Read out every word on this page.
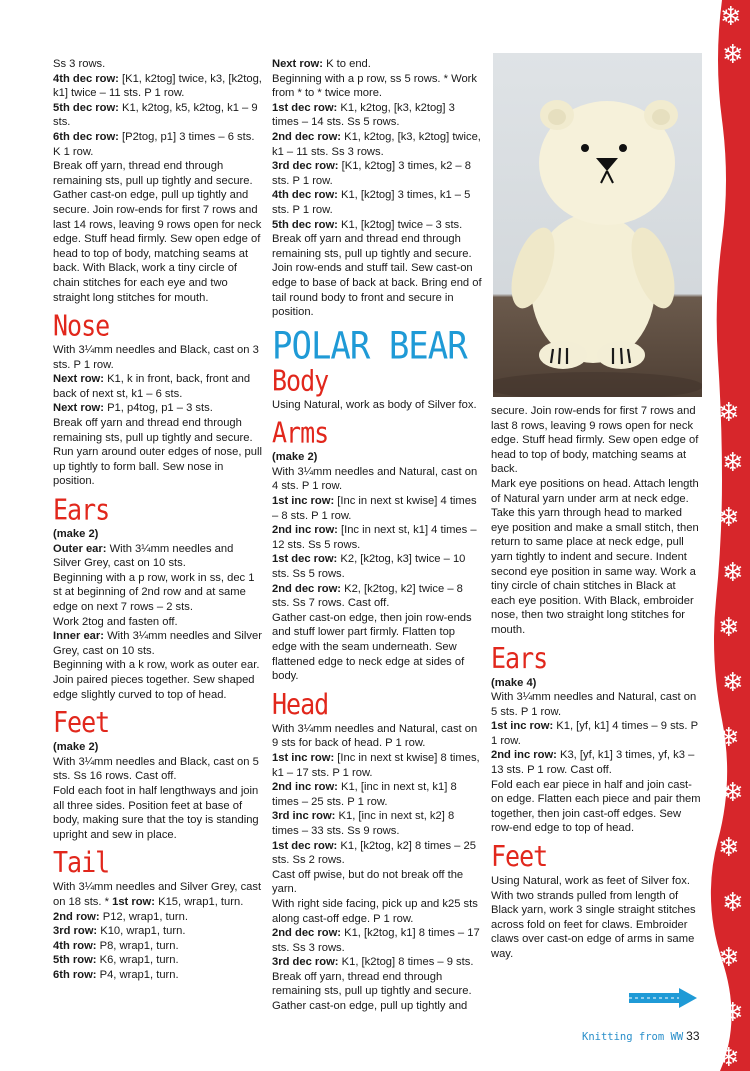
Ss 3 rows.

4th dec row: [K1, k2tog] twice, k3, [k2tog, k1] twice – 11 sts. P 1 row.

5th dec row: K1, k2tog, k5, k2tog, k1 – 9 sts.

6th dec row: [P2tog, p1] 3 times – 6 sts. K 1 row.

Break off yarn, thread end through remaining sts, pull up tightly and secure. Gather cast-on edge, pull up tightly and secure. Join row-ends for first 7 rows and last 14 rows, leaving 9 rows open for neck edge. Stuff head firmly. Sew open edge of head to top of body, matching seams at back. With Black, work a tiny circle of chain stitches for each eye and two straight long stitches for mouth.

Nose

With 3¼mm needles and Black, cast on 3 sts. P 1 row.

Next row: K1, k in front, back, front and back of next st, k1 – 6 sts.

Next row: P1, p4tog, p1 – 3 sts.

Break off yarn and thread end through remaining sts, pull up tightly and secure. Run yarn around outer edges of nose, pull up tightly to form ball. Sew nose in position.

Ears

(make 2)

Outer ear: With 3¼mm needles and Silver Grey, cast on 10 sts.

Beginning with a p row, work in ss, dec 1 st at beginning of 2nd row and at same edge on next 7 rows – 2 sts.

Work 2tog and fasten off.

Inner ear: With 3¼mm needles and Silver Grey, cast on 10 sts.

Beginning with a k row, work as outer ear.

Join paired pieces together. Sew shaped edge slightly curved to top of head.

Feet

(make 2)

With 3¼mm needles and Black, cast on 5 sts. Ss 16 rows. Cast off.

Fold each foot in half lengthways and join all three sides. Position feet at base of body, making sure that the toy is standing upright and sew in place.

Tail

With 3¼mm needles and Silver Grey, cast on 18 sts. * 1st row: K15, wrap1, turn.

2nd row: P12, wrap1, turn.

3rd row: K10, wrap1, turn.

4th row: P8, wrap1, turn.

5th row: K6, wrap1, turn.

6th row: P4, wrap1, turn.

Next row: K to end.

Beginning with a p row, ss 5 rows. * Work from * to * twice more.

1st dec row: K1, k2tog, [k3, k2tog] 3 times – 14 sts. Ss 5 rows.

2nd dec row: K1, k2tog, [k3, k2tog] twice, k1 – 11 sts. Ss 3 rows.

3rd dec row: [K1, k2tog] 3 times, k2 – 8 sts. P 1 row.

4th dec row: K1, [k2tog] 3 times, k1 – 5 sts. P 1 row.

5th dec row: K1, [k2tog] twice – 3 sts.

Break off yarn and thread end through remaining sts, pull up tightly and secure. Join row-ends and stuff tail. Sew cast-on edge to base of back at back. Bring end of tail round body to front and secure in position.

POLAR BEAR
Body

Using Natural, work as body of Silver fox.

Arms

(make 2)

With 3¼mm needles and Natural, cast on 4 sts. P 1 row.

1st inc row: [Inc in next st kwise] 4 times – 8 sts. P 1 row.

2nd inc row: [Inc in next st, k1] 4 times – 12 sts. Ss 5 rows.

1st dec row: K2, [k2tog, k3] twice – 10 sts. Ss 5 rows.

2nd dec row: K2, [k2tog, k2] twice – 8 sts. Ss 7 rows. Cast off.

Gather cast-on edge, then join row-ends and stuff lower part firmly. Flatten top edge with the seam underneath. Sew flattened edge to neck edge at sides of body.

Head

With 3¼mm needles and Natural, cast on 9 sts for back of head. P 1 row.

1st inc row: [Inc in next st kwise] 8 times, k1 – 17 sts. P 1 row.

2nd inc row: K1, [inc in next st, k1] 8 times – 25 sts. P 1 row.

3rd inc row: K1, [inc in next st, k2] 8 times – 33 sts. Ss 9 rows.

1st dec row: K1, [k2tog, k2] 8 times – 25 sts. Ss 2 rows.

Cast off pwise, but do not break off the yarn.

With right side facing, pick up and k25 sts along cast-off edge. P 1 row.

2nd dec row: K1, [k2tog, k1] 8 times – 17 sts. Ss 3 rows.

3rd dec row: K1, [k2tog] 8 times – 9 sts.

Break off yarn, thread end through remaining sts, pull up tightly and secure. Gather cast-on edge, pull up tightly and

secure. Join row-ends for first 7 rows and last 8 rows, leaving 9 rows open for neck edge. Stuff head firmly. Sew open edge of head to top of body, matching seams at back.

Mark eye positions on head. Attach length of Natural yarn under arm at neck edge. Take this yarn through head to marked eye position and make a small stitch, then return to same place at neck edge, pull yarn tightly to indent and secure. Indent second eye position in same way. Work a tiny circle of chain stitches in Black at each eye position. With Black, embroider nose, then two straight long stitches for mouth.

Ears

(make 4)

With 3¼mm needles and Natural, cast on 5 sts. P 1 row.

1st inc row: K1, [yf, k1] 4 times – 9 sts. P 1 row.

2nd inc row: K3, [yf, k1] 3 times, yf, k3 – 13 sts. P 1 row. Cast off.

Fold each ear piece in half and join cast-on edge. Flatten each piece and pair them together, then join cast-off edges. Sew row-end edge to top of head.

Feet

Using Natural, work as feet of Silver fox. With two strands pulled from length of Black yarn, work 3 single straight stitches across fold on feet for claws. Embroider claws over cast-on edge of arms in same way.

❄
❄
❄
❄
❄
❄
❄
❄
❄
❄
❄
❄
❄
❄
❄
Knitting from WW 33
